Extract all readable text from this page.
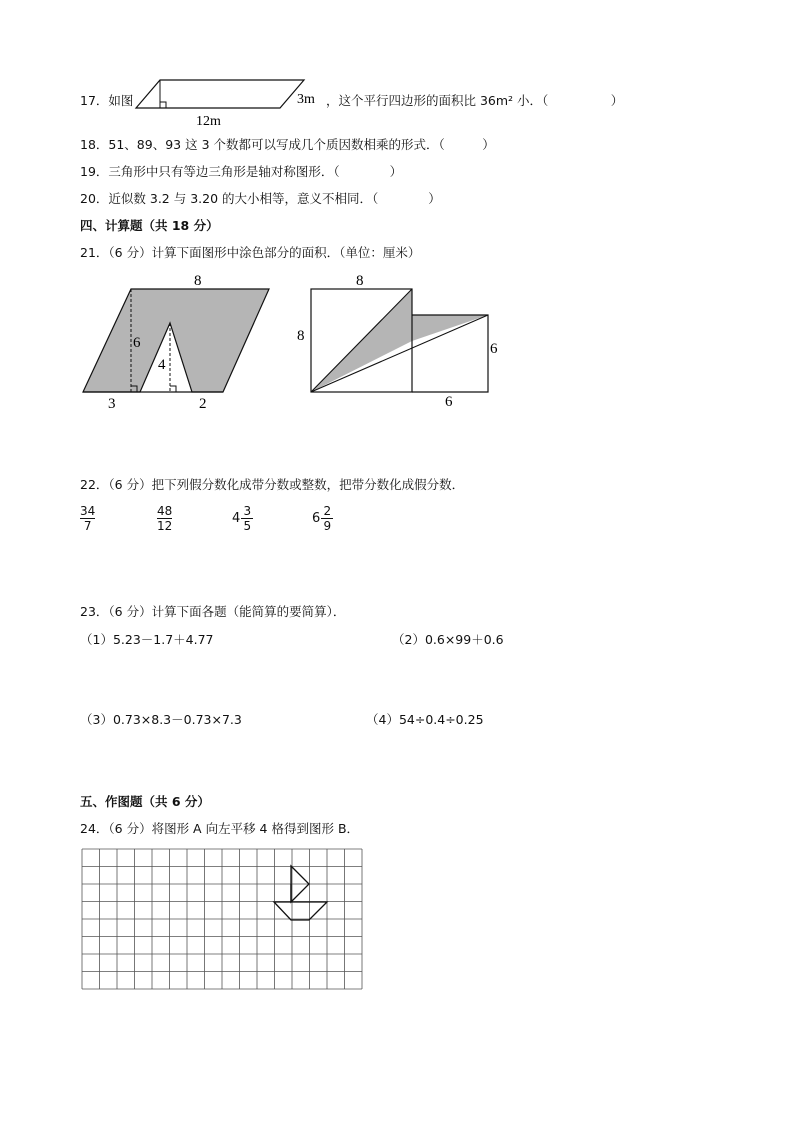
17．如图	3m
12m
，这个平行四边形的面积比 36m² 小．（　　　　　）
18．51、89、93 这 3 个数都可以写成几个质因数相乘的形式．（　　　）
19．三角形中只有等边三角形是轴对称图形．（　　　　）
20．近似数 3.2 与 3.20 的大小相等，意义不相同．（　　　　）
四、计算题（共 18 分）
21．（6 分）计算下面图形中涂色部分的面积．（单位：厘米）
8
6
4
3	2
8
8
6
6
22．（6 分）把下列假分数化成带分数或整数，把带分数化成假分数．
34
7
48
12	$4 \frac{3}{5}$	$6 \frac{2}{9}$
23．（6 分）计算下面各题（能简算的要简算）．
（1）5.23－1.7＋4.77	（2）0.6×99＋0.6
（3）0.73×8.3－0.73×7.3	（4）54÷0.4÷0.25
五、作图题（共 6 分）
24．（6 分）将图形 A 向左平移 4 格得到图形 B．
